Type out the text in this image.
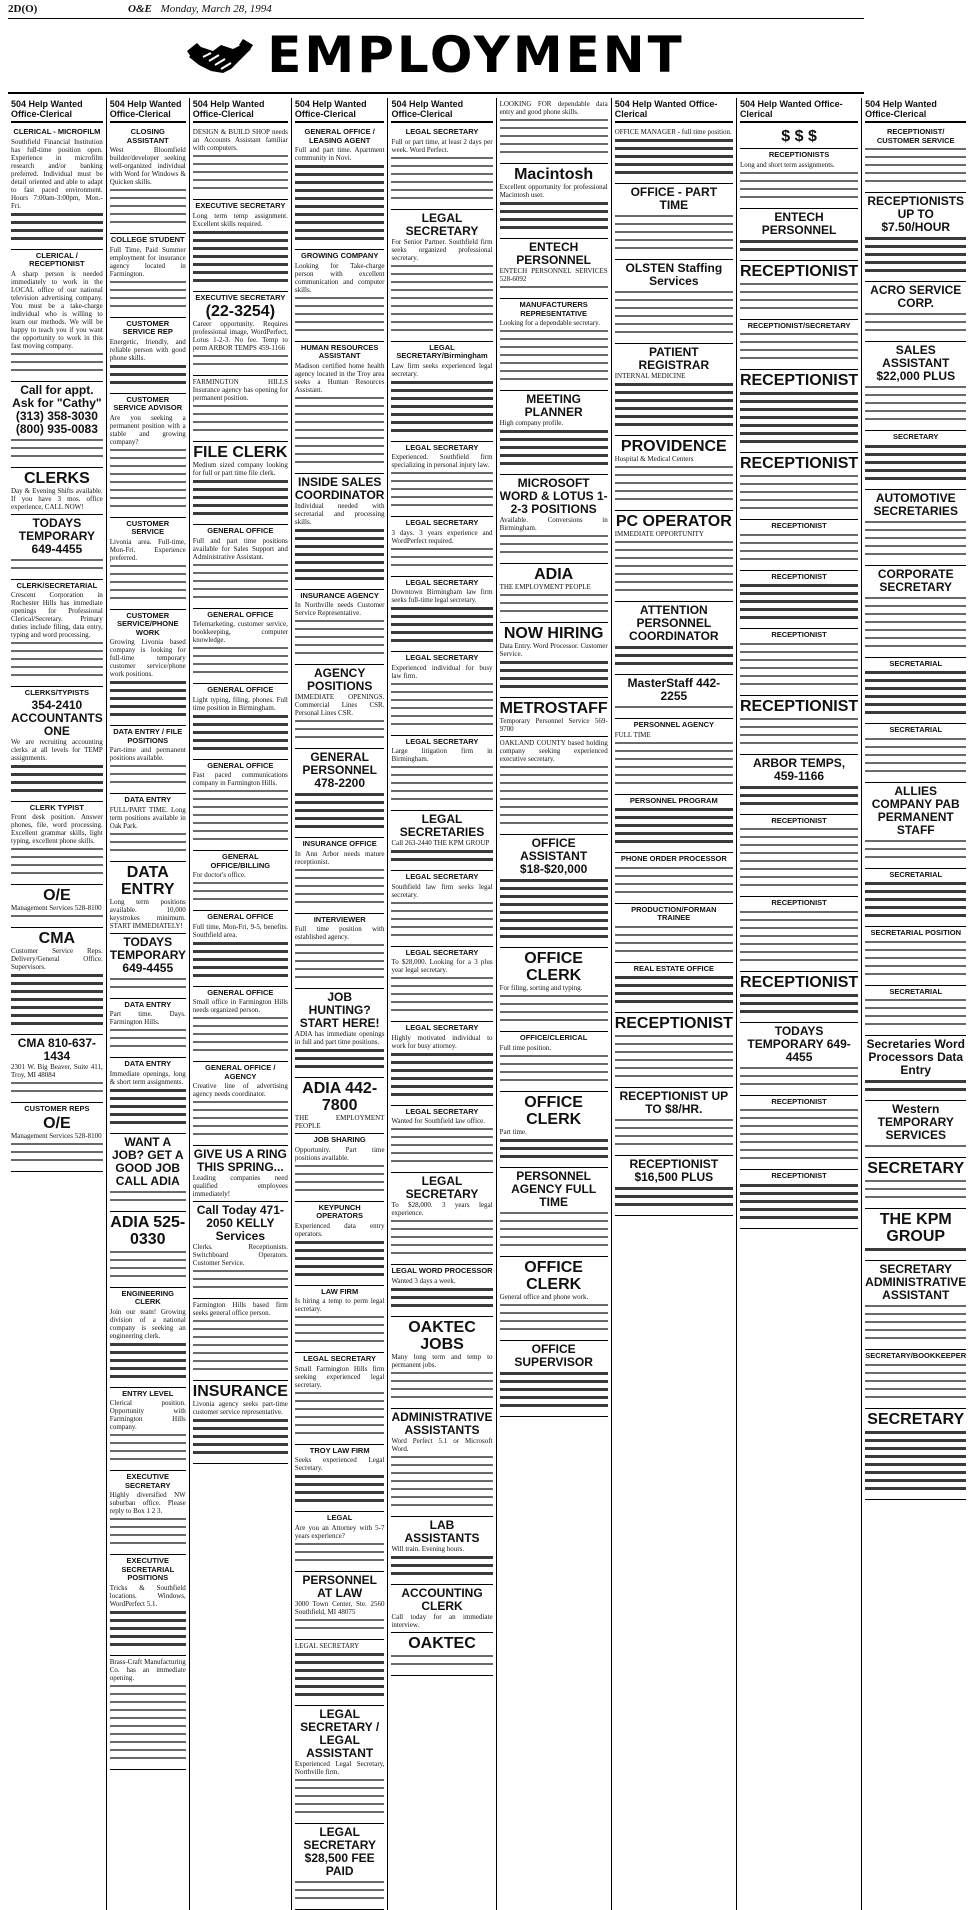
2D(O)	O&E Monday, March 28, 1994
EMPLOYMENT
504 Help Wanted Office-Clerical
CLERICAL - MICROFILM

Southfield Financial Institution has full-time position open. Experience in microfilm research and/or banking preferred. Individual must be detail oriented and able to adapt to fast paced environment. Hours 7:00am-3:00pm, Mon.-Fri.

CLERICAL / RECEPTIONIST

A sharp person is needed immediately to work in the LOCAL office of our national television advertising company. You must be a take-charge individual who is willing to learn our methods. We will be happy to teach you if you want the opportunity to work in this fast moving company.

Call for appt. Ask for "Cathy" (313) 358-3030 (800) 935-0083
CLERKS

Day & Evening Shifts available. If you have 3 mos. office experience, CALL NOW!

TODAYS TEMPORARY 649-4455
CLERK/SECRETARIAL

Crescent Corporation in Rochester Hills has immediate openings for Professional Clerical/Secretary. Primary duties include filing, data entry, typing and word processing.

CLERKS/TYPISTS
354-2410 ACCOUNTANTS ONE

We are recruiting accounting clerks at all levels for TEMP assignments.

CLERK TYPIST

Front desk position. Answer phones, file, word processing. Excellent grammar skills, light typing, excellent phone skills.

O/E

Management Services 528-8100

CMA

Customer Service Reps. Delivery/General Office. Supervisors.

CMA 810-637-1434

2301 W. Big Beaver, Suite 411, Troy, MI 48084

CUSTOMER REPS
O/E

Management Services 528-8100

504 Help Wanted Office-Clerical
CLOSING ASSISTANT

West Bloomfield builder/developer seeking well-organized individual with Word for Windows & Quicken skills.

COLLEGE STUDENT

Full Time, Paid Summer employment for insurance agency located in Farmington.

CUSTOMER SERVICE REP

Energetic, friendly, and reliable person with good phone skills.

CUSTOMER SERVICE ADVISOR

Are you seeking a permanent position with a stable and growing company?

CUSTOMER SERVICE

Livonia area. Full-time, Mon-Fri. Experience preferred.

CUSTOMER SERVICE/PHONE WORK

Growing Livonia based company is looking for full-time temporary customer service/phone work positions.

DATA ENTRY / FILE POSITIONS

Part-time and permanent positions available.

DATA ENTRY

FULL/PART TIME. Long term positions available in Oak Park.

DATA ENTRY

Long term positions available. 10,000 keystrokes minimum. START IMMEDIATELY!

TODAYS TEMPORARY 649-4455
DATA ENTRY

Part time. Days. Farmington Hills.

DATA ENTRY

Immediate openings, long & short term assignments.

WANT A JOB? GET A GOOD JOB CALL ADIA
ADIA 525-0330
ENGINEERING CLERK

Join our team! Growing division of a national company is seeking an engineering clerk.

ENTRY LEVEL

Clerical position. Opportunity with Farmington Hills company.

EXECUTIVE SECRETARY

Highly diversified NW suburban office. Please reply to Box 1 2 3.

EXECUTIVE SECRETARIAL POSITIONS

Tricks & Southfield locations. Windows, WordPerfect 5.1.

Brass-Craft Manufacturing Co. has an immediate opening.

504 Help Wanted Office-Clerical

DESIGN & BUILD SHOP needs an Accounts Assistant familiar with computers.

EXECUTIVE SECRETARY

Long term temp assignment. Excellent skills required.

EXECUTIVE SECRETARY
(22-3254)

Career opportunity. Requires professional image, WordPerfect, Lotus 1-2-3. No fee. Temp to perm ARBOR TEMPS 459-1166

FARMINGTON HILLS Insurance agency has opening for permanent position.

FILE CLERK

Medium sized company looking for full or part time file clerk.

GENERAL OFFICE

Full and part time positions available for Sales Support and Administrative Assistant.

GENERAL OFFICE

Telemarketing, customer service, bookkeeping, computer knowledge.

GENERAL OFFICE

Light typing, filing, phones. Full time position in Birmingham.

GENERAL OFFICE

Fast paced communications company in Farmington Hills.

GENERAL OFFICE/BILLING

For doctor's office.

GENERAL OFFICE

Full time, Mon-Fri, 9-5, benefits. Southfield area.

GENERAL OFFICE

Small office in Farmington Hills needs organized person.

GENERAL OFFICE / AGENCY

Creative line of advertising agency needs coordinator.

GIVE US A RING THIS SPRING...

Leading companies need qualified employees immediately!

Call Today 471-2050 KELLY Services

Clerks. Receptionists. Switchboard Operators. Customer Service.

Farmington Hills based firm seeks general office person.

INSURANCE

Livonia agency seeks part-time customer service representative.

504 Help Wanted Office-Clerical
GENERAL OFFICE / LEASING AGENT

Full and part time. Apartment community in Novi.

GROWING COMPANY

Looking for Take-charge person with excellent communication and computer skills.

HUMAN RESOURCES ASSISTANT

Madison certified home health agency located in the Troy area seeks a Human Resources Assistant.

INSIDE SALES COORDINATOR

Individual needed with secretarial and processing skills.

INSURANCE AGENCY

In Northville needs Customer Service Representative.

AGENCY POSITIONS

IMMEDIATE OPENINGS. Commercial Lines CSR. Personal Lines CSR.

GENERAL PERSONNEL 478-2200
INSURANCE OFFICE

In Ann Arbor needs mature receptionist.

INTERVIEWER

Full time position with established agency.

JOB HUNTING? START HERE!

ADIA has immediate openings in full and part time positions.

ADIA 442-7800

THE EMPLOYMENT PEOPLE

JOB SHARING

Opportunity. Part time positions available.

KEYPUNCH OPERATORS

Experienced data entry operators.

LAW FIRM

Is hiring a temp to perm legal secretary.

LEGAL SECRETARY

Small Farmington Hills firm seeking experienced legal secretary.

TROY LAW FIRM

Seeks experienced Legal Secretary.

LEGAL

Are you an Attorney with 5-7 years experience?

PERSONNEL AT LAW

3000 Town Center, Ste. 2560 Southfield, MI 48075

LEGAL SECRETARY

LEGAL SECRETARY / LEGAL ASSISTANT

Experienced Legal Secretary, Northville firm.

LEGAL SECRETARY $28,500 FEE PAID
504 Help Wanted Office-Clerical
LEGAL SECRETARY

Full or part time, at least 2 days per week. Word Perfect.

LEGAL SECRETARY

For Senior Partner. Southfield firm seeks organized professional secretary.

LEGAL SECRETARY/Birmingham

Law firm seeks experienced legal secretary.

LEGAL SECRETARY

Experienced. Southfield firm specializing in personal injury law.

LEGAL SECRETARY

3 days. 3 years experience and WordPerfect required.

LEGAL SECRETARY

Downtown Birmingham law firm seeks full-time legal secretary.

LEGAL SECRETARY

Experienced individual for busy law firm.

LEGAL SECRETARY

Large litigation firm in Birmingham.

LEGAL SECRETARIES

Call 263-2440 THE KPM GROUP

LEGAL SECRETARY

Southfield law firm seeks legal secretary.

LEGAL SECRETARY

To $28,000. Looking for a 3 plus year legal secretary.

LEGAL SECRETARY

Highly motivated individual to work for busy attorney.

LEGAL SECRETARY

Wanted for Southfield law office.

LEGAL SECRETARY

To $28,000. 3 years legal experience.

LEGAL WORD PROCESSOR

Wanted 3 days a week.

OAKTEC JOBS

Many long term and temp to permanent jobs.

ADMINISTRATIVE ASSISTANTS

Word Perfect 5.1 or Microsoft Word.

LAB ASSISTANTS

Will train. Evening hours.

ACCOUNTING CLERK

Call today for an immediate interview.

OAKTEC

LOOKING FOR dependable data entry and good phone skills.

Macintosh

Excellent opportunity for professional Macintosh user.

ENTECH PERSONNEL

ENTECH PERSONNEL SERVICES 528-6092

MANUFACTURERS REPRESENTATIVE

Looking for a dependable secretary.

MEETING PLANNER

High company profile.

MICROSOFT WORD & LOTUS 1-2-3 POSITIONS

Available. Conversions in Birmingham.

ADIA

THE EMPLOYMENT PEOPLE

NOW HIRING

Data Entry. Word Processor. Customer Service.

METROSTAFF

Temporary Personnel Service 569-9700

OAKLAND COUNTY based holding company seeking experienced executive secretary.

OFFICE ASSISTANT $18-$20,000
OFFICE CLERK

For filing, sorting and typing.

OFFICE/CLERICAL

Full time position.

OFFICE CLERK

Part time.

PERSONNEL AGENCY FULL TIME
OFFICE CLERK

General office and phone work.

OFFICE SUPERVISOR
504 Help Wanted Office-Clerical

OFFICE MANAGER - full time position.

OFFICE - PART TIME
OLSTEN Staffing Services
PATIENT REGISTRAR

INTERNAL MEDICINE

PROVIDENCE

Hospital & Medical Centers

PC OPERATOR

IMMEDIATE OPPORTUNITY

ATTENTION PERSONNEL COORDINATOR
MasterStaff 442-2255
PERSONNEL AGENCY

FULL TIME

PERSONNEL PROGRAM
PHONE ORDER PROCESSOR
PRODUCTION/FORMAN TRAINEE
REAL ESTATE OFFICE
RECEPTIONIST
RECEPTIONIST UP TO $8/HR.
RECEPTIONIST $16,500 PLUS
504 Help Wanted Office-Clerical
$ $ $
RECEPTIONISTS

Long and short term assignments.

ENTECH PERSONNEL
RECEPTIONIST
RECEPTIONIST/SECRETARY
RECEPTIONIST
RECEPTIONIST
RECEPTIONIST
RECEPTIONIST
RECEPTIONIST
RECEPTIONIST
ARBOR TEMPS, 459-1166
RECEPTIONIST
RECEPTIONIST
RECEPTIONIST
TODAYS TEMPORARY 649-4455
RECEPTIONIST
RECEPTIONIST
504 Help Wanted Office-Clerical
RECEPTIONIST/ CUSTOMER SERVICE
RECEPTIONISTS UP TO $7.50/HOUR
ACRO SERVICE CORP.
SALES ASSISTANT $22,000 PLUS
SECRETARY
AUTOMOTIVE SECRETARIES
CORPORATE SECRETARY
SECRETARIAL
SECRETARIAL
ALLIES COMPANY PAB PERMANENT STAFF
SECRETARIAL
SECRETARIAL POSITION
SECRETARIAL
Secretaries Word Processors Data Entry
Western TEMPORARY SERVICES
SECRETARY
THE KPM GROUP
SECRETARY ADMINISTRATIVE ASSISTANT
SECRETARY/BOOKKEEPER
SECRETARY
